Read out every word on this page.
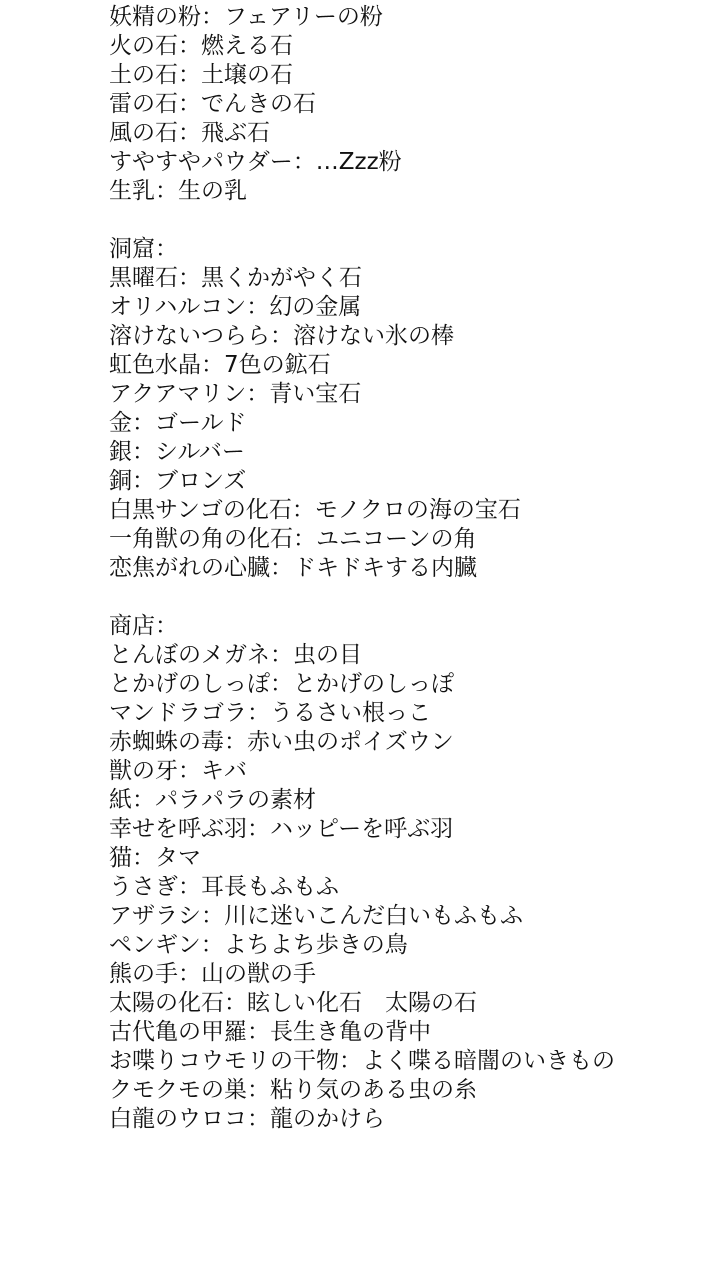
妖精の粉：フェアリーの粉
火の石：燃える石
土の石：土壌の石
雷の石：でんきの石
風の石：飛ぶ石
すやすやパウダー：…Zzz粉
生乳：生の乳
洞窟：
黒曜石：黒くかがやく石
オリハルコン：幻の金属
溶けないつらら：溶けない氷の棒
虹色水晶：7色の鉱石
アクアマリン：青い宝石
金：ゴールド
銀：シルバー
銅：ブロンズ
白黒サンゴの化石：モノクロの海の宝石
一角獣の角の化石：ユニコーンの角
恋焦がれの心臓：ドキドキする内臓
商店：
とんぼのメガネ：虫の目
とかげのしっぽ：とかげのしっぽ
マンドラゴラ：うるさい根っこ
赤蜘蛛の毒：赤い虫のポイズウン
獣の牙：キバ
紙：パラパラの素材
幸せを呼ぶ羽：ハッピーを呼ぶ羽
猫：タマ
うさぎ：耳長もふもふ
アザラシ：川に迷いこんだ白いもふもふ
ペンギン：よちよち歩きの鳥
熊の手：山の獣の手
太陽の化石：眩しい化石　太陽の石
古代亀の甲羅：長生き亀の背中
お喋りコウモリの干物：よく喋る暗闇のいきもの
クモクモの巣：粘り気のある虫の糸
白龍のウロコ：龍のかけら
